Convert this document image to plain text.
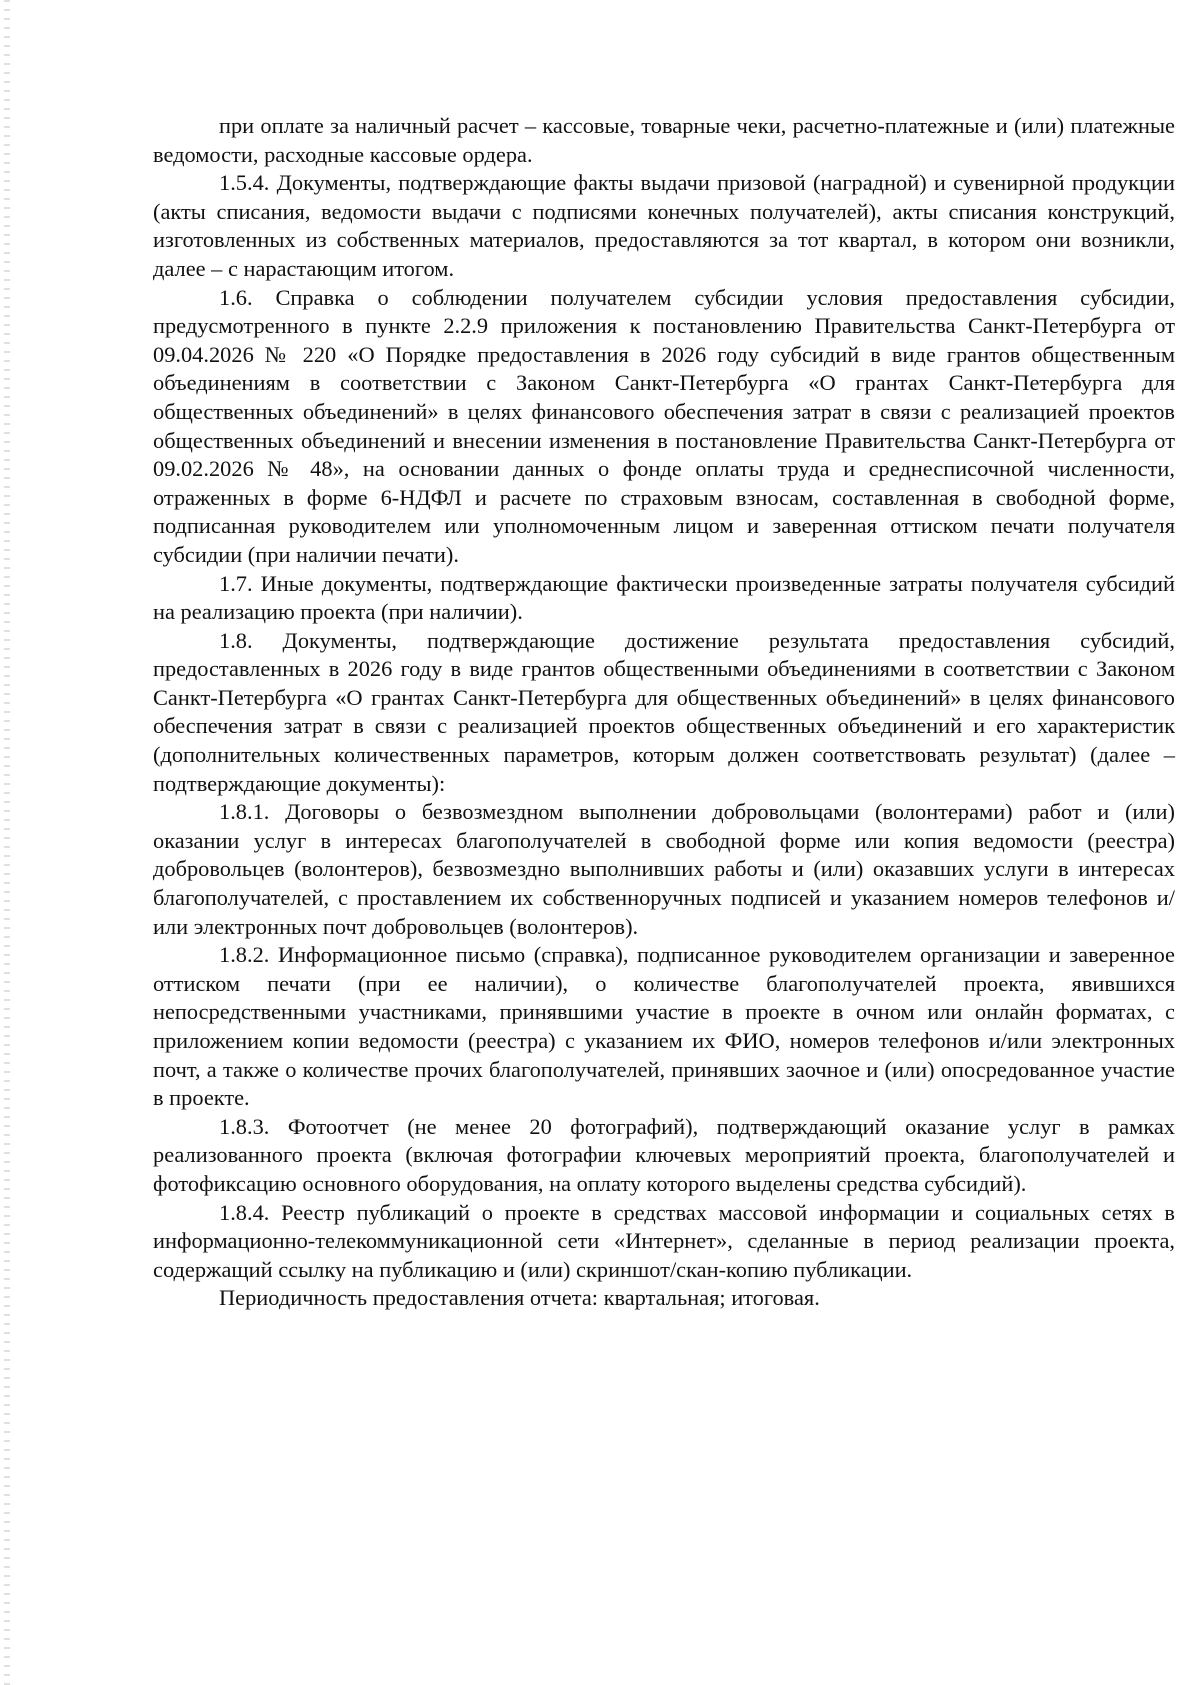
при оплате за наличный расчет – кассовые, товарные чеки, расчетно-платежные и (или) платежные ведомости, расходные кассовые ордера.

1.5.4. Документы, подтверждающие факты выдачи призовой (наградной) и сувенирной продукции (акты списания, ведомости выдачи с подписями конечных получателей), акты списания конструкций, изготовленных из собственных материалов, предоставляются за тот квартал, в котором они возникли, далее – с нарастающим итогом.

1.6. Справка о соблюдении получателем субсидии условия предоставления субсидии, предусмотренного в пункте 2.2.9 приложения к постановлению Правительства Санкт-Петербурга от 09.04.2026 № 220 «О Порядке предоставления в 2026 году субсидий в виде грантов общественным объединениям в соответствии с Законом Санкт-Петербурга «О грантах Санкт-Петербурга для общественных объединений» в целях финансового обеспечения затрат в связи с реализацией проектов общественных объединений и внесении изменения в постановление Правительства Санкт-Петербурга от 09.02.2026 № 48», на основании данных о фонде оплаты труда и среднесписочной численности, отраженных в форме 6-НДФЛ и расчете по страховым взносам, составленная в свободной форме, подписанная руководителем или уполномоченным лицом и заверенная оттиском печати получателя субсидии (при наличии печати).

1.7. Иные документы, подтверждающие фактически произведенные затраты получателя субсидий на реализацию проекта (при наличии).

1.8. Документы, подтверждающие достижение результата предоставления субсидий, предоставленных в 2026 году в виде грантов общественными объединениями в соответствии с Законом Санкт-Петербурга «О грантах Санкт-Петербурга для общественных объединений» в целях финансового обеспечения затрат в связи с реализацией проектов общественных объединений и его характеристик (дополнительных количественных параметров, которым должен соответствовать результат) (далее – подтверждающие документы):

1.8.1. Договоры о безвозмездном выполнении добровольцами (волонтерами) работ и (или) оказании услуг в интересах благополучателей в свободной форме или копия ведомости (реестра) добровольцев (волонтеров), безвозмездно выполнивших работы и (или) оказавших услуги в интересах благополучателей, с проставлением их собственноручных подписей и указанием номеров телефонов и/или электронных почт добровольцев (волонтеров).

1.8.2. Информационное письмо (справка), подписанное руководителем организации и заверенное оттиском печати (при ее наличии), о количестве благополучателей проекта, явившихся непосредственными участниками, принявшими участие в проекте в очном или онлайн форматах, с приложением копии ведомости (реестра) с указанием их ФИО, номеров телефонов и/или электронных почт, а также о количестве прочих благополучателей, принявших заочное и (или) опосредованное участие в проекте.

1.8.3. Фотоотчет (не менее 20 фотографий), подтверждающий оказание услуг в рамках реализованного проекта (включая фотографии ключевых мероприятий проекта, благополучателей и фотофиксацию основного оборудования, на оплату которого выделены средства субсидий).

1.8.4. Реестр публикаций о проекте в средствах массовой информации и социальных сетях в информационно-телекоммуникационной сети «Интернет», сделанные в период реализации проекта, содержащий ссылку на публикацию и (или) скриншот/скан-копию публикации.

Периодичность предоставления отчета: квартальная; итоговая.
